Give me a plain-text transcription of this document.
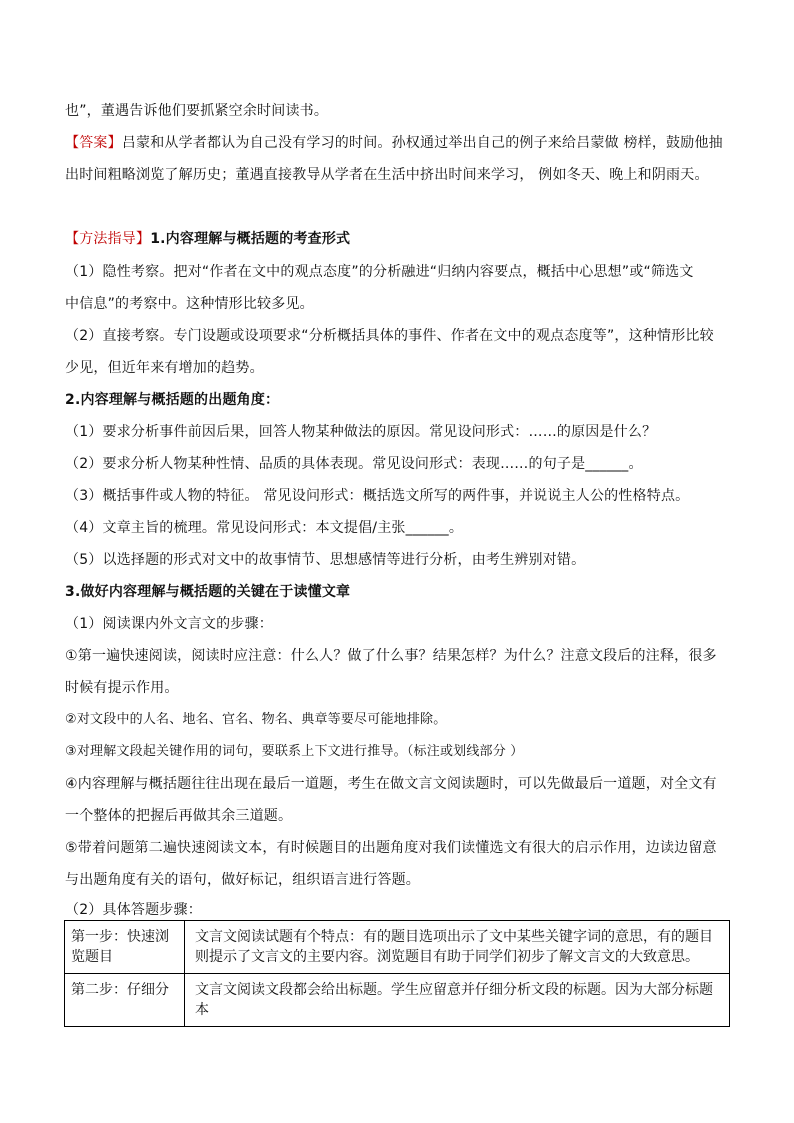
也”，董遇告诉他们要抓紧空余时间读书。
【答案】吕蒙和从学者都认为自己没有学习的时间。孙权通过举出自己的例子来给吕蒙做 榜样，鼓励他抽
出时间粗略浏览了解历史；董遇直接教导从学者在生活中挤出时间来学习， 例如冬天、晚上和阴雨天。
【方法指导】1.内容理解与概括题的考查形式
（1）隐性考察。把对“作者在文中的观点态度”的分析融进“归纳内容要点，概括中心思想”或“筛选文
中信息”的考察中。这种情形比较多见。
（2）直接考察。专门设题或设项要求“分析概括具体的事件、作者在文中的观点态度等”，这种情形比较
少见，但近年来有增加的趋势。
2.内容理解与概括题的出题角度：
（1）要求分析事件前因后果，回答人物某种做法的原因。常见设问形式：……的原因是什么？
（2）要求分析人物某种性情、品质的具体表现。常见设问形式：表现……的句子是______。
（3）概括事件或人物的特征。 常见设问形式：概括选文所写的两件事，并说说主人公的性格特点。
（4）文章主旨的梳理。常见设问形式：本文提倡/主张______。
（5）以选择题的形式对文中的故事情节、思想感情等进行分析，由考生辨别对错。
3.做好内容理解与概括题的关键在于读懂文章
（1）阅读课内外文言文的步骤：
①第一遍快速阅读，阅读时应注意：什么人？做了什么事？结果怎样？为什么？注意文段后的注释，很多
时候有提示作用。
②对文段中的人名、地名、官名、物名、典章等要尽可能地排除。
③对理解文段起关键作用的词句，要联系上下文进行推导。（标注或划线部分 ）
④内容理解与概括题往往出现在最后一道题，考生在做文言文阅读题时，可以先做最后一道题，对全文有
一个整体的把握后再做其余三道题。
⑤带着问题第二遍快速阅读文本，有时候题目的出题角度对我们读懂选文有很大的启示作用，边读边留意
与出题角度有关的语句，做好标记，组织语言进行答题。
（2）具体答题步骤：
第一步：快速浏览题目	文言文阅读试题有个特点：有的题目选项出示了文中某些关键字词的意思，有的题目则提示了文言文的主要内容。浏览题目有助于同学们初步了解文言文的大致意思。
第二步：仔细分	文言文阅读文段都会给出标题。学生应留意并仔细分析文段的标题。因为大部分标题本
